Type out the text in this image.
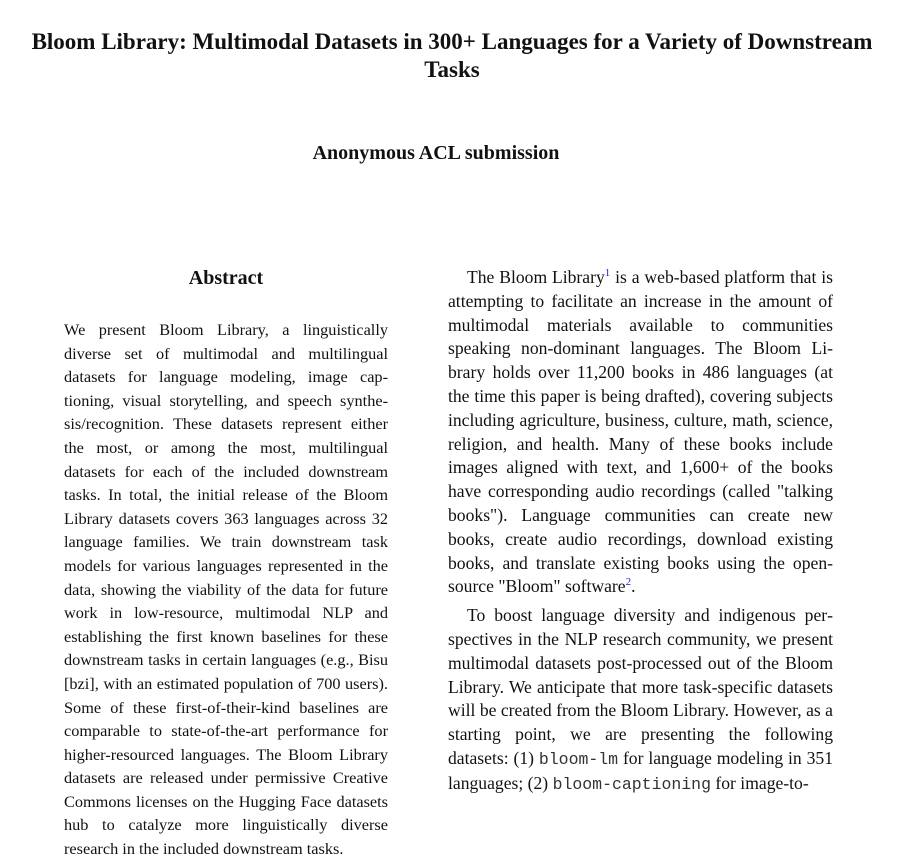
Bloom Library: Multimodal Datasets in 300+ Languages for a Variety of Downstream Tasks
Anonymous ACL submission
Abstract
We present Bloom Library, a linguistically diverse set of multimodal and multilingual datasets for language modeling, image captioning, visual storytelling, and speech synthesis/recognition. These datasets represent either the most, or among the most, multilingual datasets for each of the included downstream tasks. In total, the initial release of the Bloom Library datasets covers 363 languages across 32 language families. We train downstream task models for various languages represented in the data, showing the viability of the data for future work in low-resource, multimodal NLP and establishing the first known baselines for these downstream tasks in certain languages (e.g., Bisu [bzi], with an estimated population of 700 users). Some of these first-of-their-kind baselines are comparable to state-of-the-art performance for higher-resourced languages. The Bloom Library datasets are released under permissive Creative Commons licenses on the Hugging Face datasets hub to catalyze more linguistically diverse research in the included downstream tasks.

The Bloom Library$^1$ is a web-based platform that is attempting to facilitate an increase in the amount of multimodal materials available to communities speaking non-dominant languages. The Bloom Library holds over 11,200 books in 486 languages (at the time this paper is being drafted), covering subjects including agriculture, business, culture, math, science, religion, and health. Many of these books include images aligned with text, and 1,600+ of the books have corresponding audio recordings (called "talking books"). Language communities can create new books, create audio recordings, download existing books, and translate existing books using the open-source "Bloom" software$^2$.

To boost language diversity and indigenous perspectives in the NLP research community, we present multimodal datasets post-processed out of the Bloom Library. We anticipate that more task-specific datasets will be created from the Bloom Library. However, as a starting point, we are presenting the following datasets: (1) bloom-lm for language modeling in 351 languages; (2) bloom-captioning for image-to-
